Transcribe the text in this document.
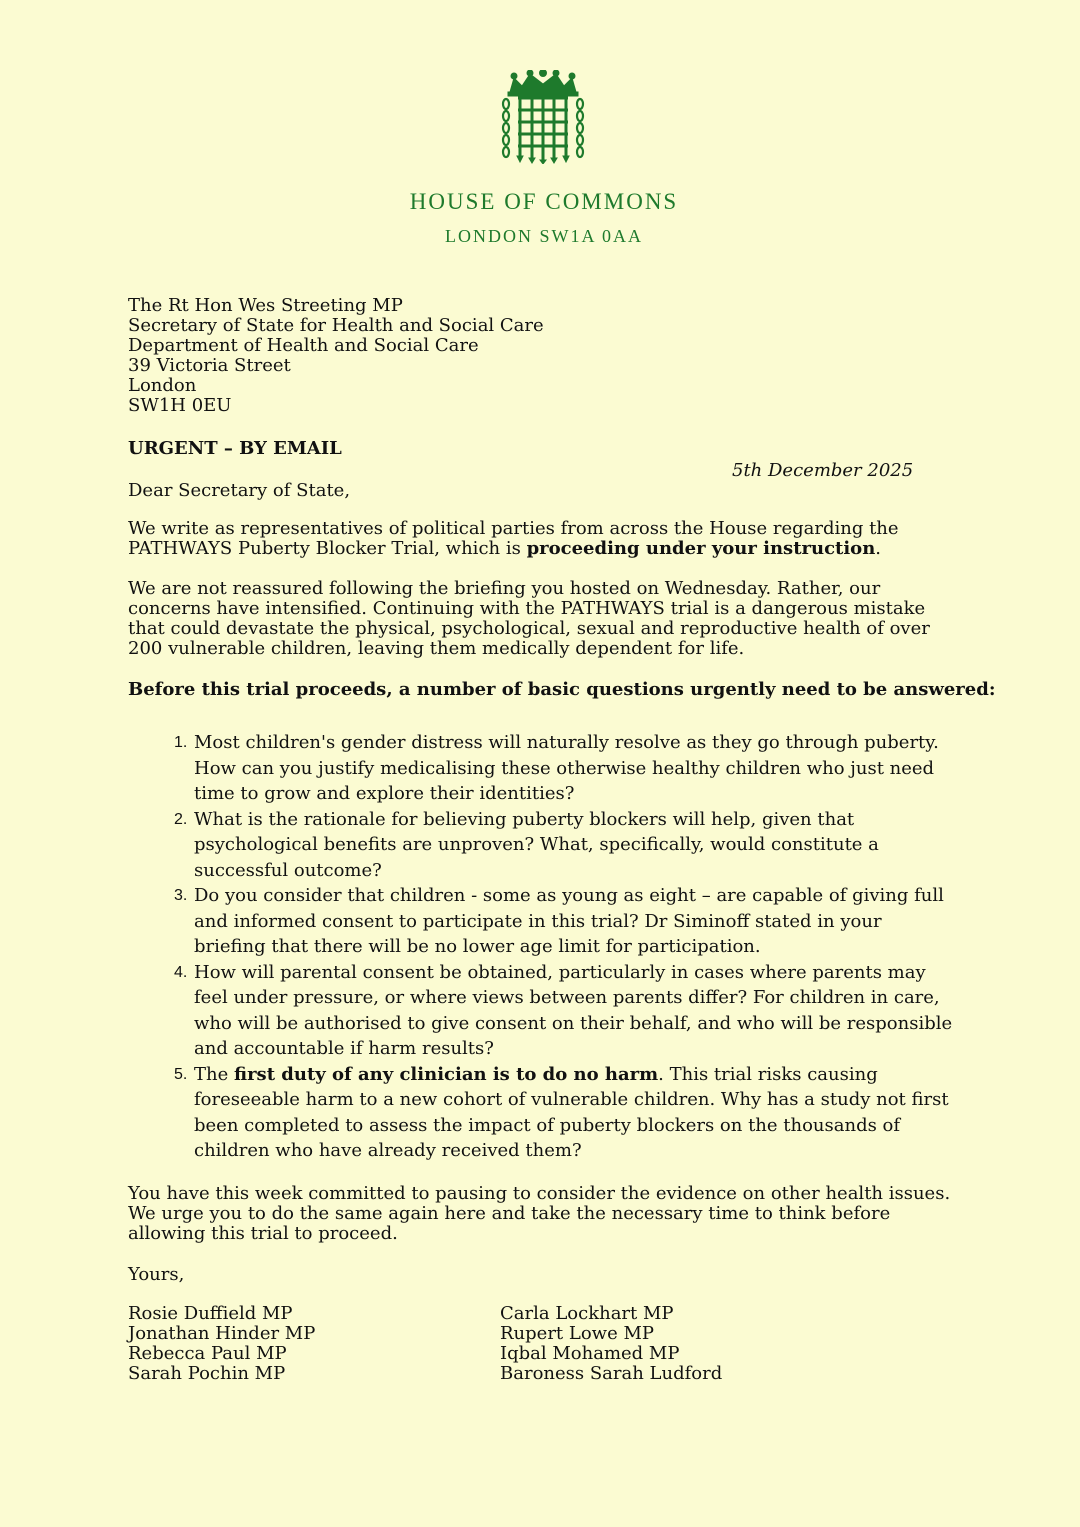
HOUSE OF COMMONS
LONDON SW1A 0AA
The Rt Hon Wes Streeting MP
Secretary of State for Health and Social Care
Department of Health and Social Care
39 Victoria Street
London
SW1H 0EU
URGENT – BY EMAIL
5th December 2025
Dear Secretary of State,
We write as representatives of political parties from across the House regarding the PATHWAYS Puberty Blocker Trial, which is proceeding under your instruction.
We are not reassured following the briefing you hosted on Wednesday. Rather, our concerns have intensified. Continuing with the PATHWAYS trial is a dangerous mistake that could devastate the physical, psychological, sexual and reproductive health of over 200 vulnerable children, leaving them medically dependent for life.
Before this trial proceeds, a number of basic questions urgently need to be answered:
1. Most children's gender distress will naturally resolve as they go through puberty. How can you justify medicalising these otherwise healthy children who just need time to grow and explore their identities?
2. What is the rationale for believing puberty blockers will help, given that psychological benefits are unproven? What, specifically, would constitute a successful outcome?
3. Do you consider that children - some as young as eight – are capable of giving full and informed consent to participate in this trial? Dr Siminoff stated in your briefing that there will be no lower age limit for participation.
4. How will parental consent be obtained, particularly in cases where parents may feel under pressure, or where views between parents differ? For children in care, who will be authorised to give consent on their behalf, and who will be responsible and accountable if harm results?
5. The first duty of any clinician is to do no harm. This trial risks causing foreseeable harm to a new cohort of vulnerable children. Why has a study not first been completed to assess the impact of puberty blockers on the thousands of children who have already received them?
You have this week committed to pausing to consider the evidence on other health issues. We urge you to do the same again here and take the necessary time to think before allowing this trial to proceed.
Yours,
Rosie Duffield MP
Jonathan Hinder MP
Rebecca Paul MP
Sarah Pochin MP
Carla Lockhart MP
Rupert Lowe MP
Iqbal Mohamed MP
Baroness Sarah Ludford
